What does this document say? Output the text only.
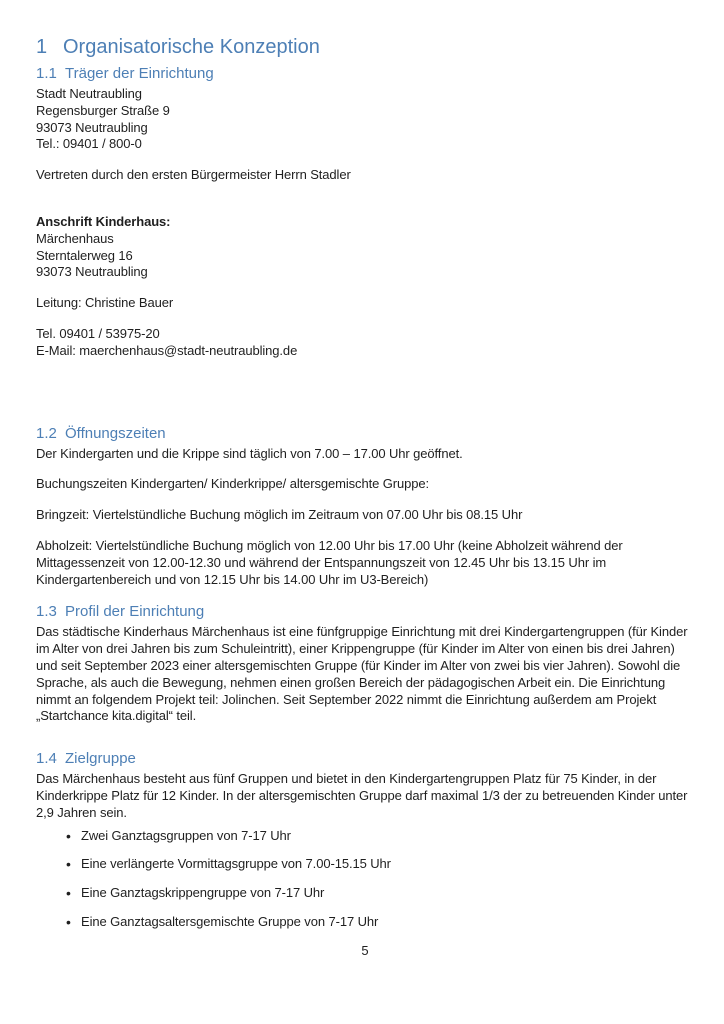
1 Organisatorische Konzeption
1.1 Träger der Einrichtung

Stadt Neutraubling
Regensburger Straße 9
93073 Neutraubling
Tel.: 09401 / 800-0

Vertreten durch den ersten Bürgermeister Herrn Stadler

Anschrift Kinderhaus:
Märchenhaus
Sterntalerweg 16
93073 Neutraubling

Leitung: Christine Bauer

Tel. 09401 / 53975-20
E-Mail: maerchenhaus@stadt-neutraubling.de

1.2 Öffnungszeiten

Der Kindergarten und die Krippe sind täglich von 7.00 – 17.00 Uhr geöffnet.

Buchungszeiten Kindergarten/ Kinderkrippe/ altersgemischte Gruppe:

Bringzeit: Viertelstündliche Buchung möglich im Zeitraum von 07.00 Uhr bis 08.15 Uhr

Abholzeit: Viertelstündliche Buchung möglich von 12.00 Uhr bis 17.00 Uhr (keine Abholzeit während der Mittagessenzeit von 12.00-12.30 und während der Entspannungszeit von 12.45 Uhr bis 13.15 Uhr im Kindergartenbereich und von 12.15 Uhr bis 14.00 Uhr im U3-Bereich)

1.3 Profil der Einrichtung

Das städtische Kinderhaus Märchenhaus ist eine fünfgruppige Einrichtung mit drei Kindergartengruppen (für Kinder im Alter von drei Jahren bis zum Schuleintritt), einer Krippengruppe (für Kinder im Alter von einen bis drei Jahren) und seit September 2023 einer altersgemischten Gruppe (für Kinder im Alter von zwei bis vier Jahren). Sowohl die Sprache, als auch die Bewegung, nehmen einen großen Bereich der pädagogischen Arbeit ein. Die Einrichtung nimmt an folgendem Projekt teil: Jolinchen. Seit September 2022 nimmt die Einrichtung außerdem am Projekt „Startchance kita.digital“ teil.

1.4 Zielgruppe

Das Märchenhaus besteht aus fünf Gruppen und bietet in den Kindergartengruppen Platz für 75 Kinder, in der Kinderkrippe Platz für 12 Kinder. In der altersgemischten Gruppe darf maximal 1/3 der zu betreuenden Kinder unter 2,9 Jahren sein.

• Zwei Ganztagsgruppen von 7-17 Uhr
• Eine verlängerte Vormittagsgruppe von 7.00-15.15 Uhr
• Eine Ganztagskrippengruppe von 7-17 Uhr
• Eine Ganztagsaltersgemischte Gruppe von 7-17 Uhr
5
